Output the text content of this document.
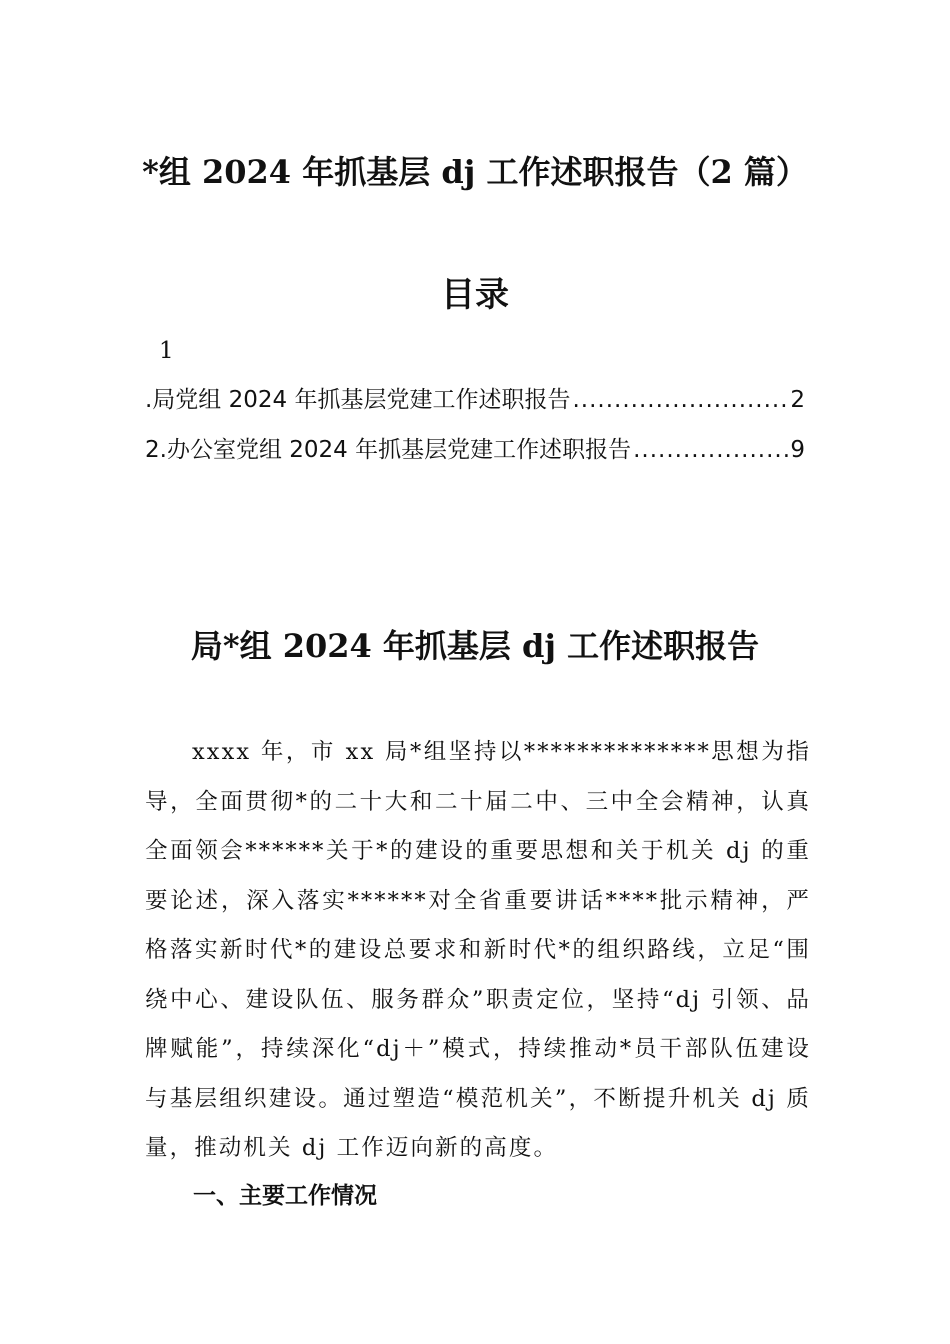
*组 2024 年抓基层 dj 工作述职报告（2 篇）
目录
1
.局党组 2024 年抓基层党建工作述职报告 .....	2
2.办公室党组 2024 年抓基层党建工作述职报告 .....	9
局*组 2024 年抓基层 dj 工作述职报告

xxxx 年，市 xx 局*组坚持以**************思想为指导，全面贯彻*的二十大和二十届二中、三中全会精神，认真全面领会******关于*的建设的重要思想和关于机关 dj 的重要论述，深入落实******对全省重要讲话****批示精神，严格落实新时代*的建设总要求和新时代*的组织路线，立足“围绕中心、建设队伍、服务群众”职责定位，坚持“dj 引领、品牌赋能”，持续深化“dj＋”模式，持续推动*员干部队伍建设与基层组织建设。通过塑造“模范机关”，不断提升机关 dj 质量，推动机关 dj 工作迈向新的高度。

一、主要工作情况
